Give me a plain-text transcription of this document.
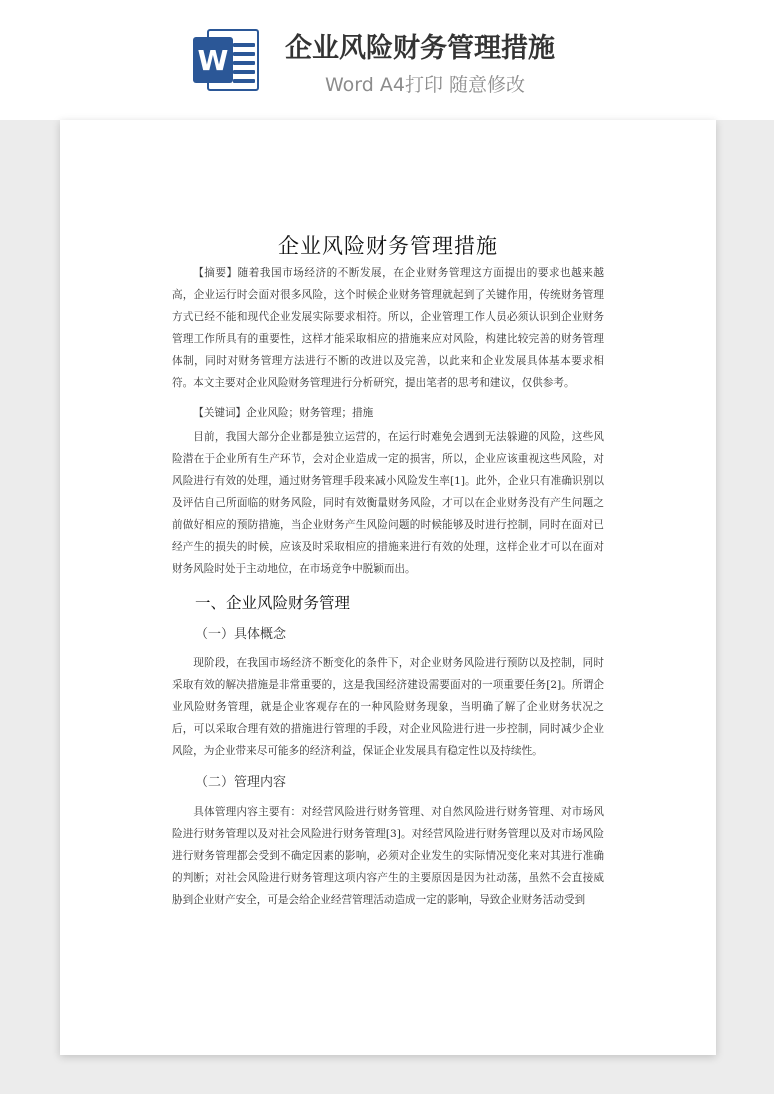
W 企业风险财务管理措施
Word A4打印 随意修改
企业风险财务管理措施

【摘要】随着我国市场经济的不断发展，在企业财务管理这方面提出的要求也越来越高，企业运行时会面对很多风险，这个时候企业财务管理就起到了关键作用，传统财务管理方式已经不能和现代企业发展实际要求相符。所以，企业管理工作人员必须认识到企业财务管理工作所具有的重要性，这样才能采取相应的措施来应对风险，构建比较完善的财务管理体制，同时对财务管理方法进行不断的改进以及完善，以此来和企业发展具体基本要求相符。本文主要对企业风险财务管理进行分析研究，提出笔者的思考和建议，仅供参考。

【关键词】企业风险；财务管理；措施

目前，我国大部分企业都是独立运营的，在运行时难免会遇到无法躲避的风险，这些风险潜在于企业所有生产环节，会对企业造成一定的损害，所以，企业应该重视这些风险，对风险进行有效的处理，通过财务管理手段来减小风险发生率[1]。此外，企业只有准确识别以及评估自己所面临的财务风险，同时有效衡量财务风险，才可以在企业财务没有产生问题之前做好相应的预防措施，当企业财务产生风险问题的时候能够及时进行控制，同时在面对已经产生的损失的时候，应该及时采取相应的措施来进行有效的处理，这样企业才可以在面对财务风险时处于主动地位，在市场竞争中脱颖而出。

一、企业风险财务管理
（一）具体概念

现阶段，在我国市场经济不断变化的条件下，对企业财务风险进行预防以及控制，同时采取有效的解决措施是非常重要的，这是我国经济建设需要面对的一项重要任务[2]。所谓企业风险财务管理，就是企业客观存在的一种风险财务现象，当明确了解了企业财务状况之后，可以采取合理有效的措施进行管理的手段，对企业风险进行进一步控制，同时减少企业风险，为企业带来尽可能多的经济利益，保证企业发展具有稳定性以及持续性。

（二）管理内容

具体管理内容主要有：对经营风险进行财务管理、对自然风险进行财务管理、对市场风险进行财务管理以及对社会风险进行财务管理[3]。对经营风险进行财务管理以及对市场风险进行财务管理都会受到不确定因素的影响，必须对企业发生的实际情况变化来对其进行准确的判断；对社会风险进行财务管理这项内容产生的主要原因是因为社动荡，虽然不会直接威胁到企业财产安全，可是会给企业经营管理活动造成一定的影响，导致企业财务活动受到
